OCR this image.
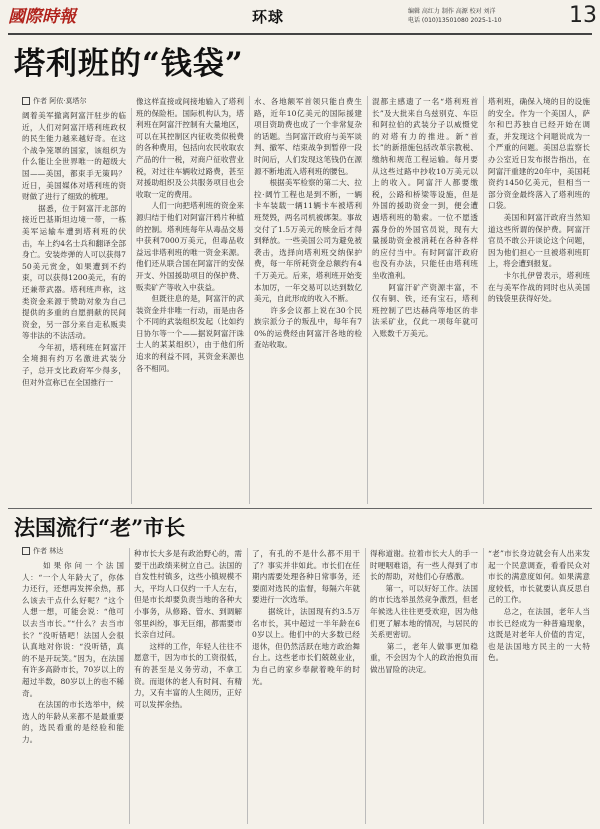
國際時報	环球	编辑 高红力 制作 高源 校对 刘洋
电话 (010)13501080 2025-1-10	13
塔利班的“钱袋”
作者 阿依·莫塔尔
阔着美军撤离阿富汗驻步的临近，人们对阿富汗塔利班政权的民生能力越来越好奇。在这个战争笼罩的国家，该组织为什么能让全世界唯一的超级大国——美国，都束手无策吗？近日，美国媒体对塔利班的资财做了进行了细致的梳理。
　　据悉，位于阿富汗北部的接近巴基斯坦边境一带，一栋美军运输车遭到塔利班的伏击，车上约4名士兵和翻译全部身亡。安装炸弹的人可以获得750美元赏金，如果遭到不约束，可以获得1200美元，有的还兼带武器。塔利班声称，这类资金来源于赞助对象为自己提供的多重的自愿捐献的民间资金，另一部分来自走私贩卖等非法的不法活动。
　　今年初，塔利班在阿富汗全境拥有约万名激进武装分子，总开支比政府军少得多，但对外宣称已在全国推行一
像这样直接或间接地输入了塔利班的保险柜。国际机构认为，塔利班在阿富汗控制有大量地区，可以在其控制区内征收类似税费的各种费用，包括向农民收取农产品的什一税，对商户征收营业税，对过往车辆收过路费，甚至对援助组织及公共服务项目也会收取一定的费用。
　　人们一向把塔利班的资金来源归结于他们对阿富汗鸦片种植的控制。塔利班每年从毒品交易中获利7000万美元，但毒品收益远非塔利班的唯一资金来源。他们还从联合国在阿富汗的安保开支、外国援助项目的保护费、贩卖矿产等收入中获益。
　　但既往息的是，阿富汗的武装资金并非唯一行动，而是由各个不同的武装组织发起（比如约日协尔等一个——据说阿富汗诛士人的某某组织），由于他们所追求的利益不同，其资金来源也各不相同。
水、各地额军首领只能自费生路，近年10亿美元的国际援建项目资助费也成了一个非常复杂的话题。当阿富汗政府与美军谈判、撤军、结束战争到暂停一段时间后，人们发现这笔钱仍在源源不断地流入塔利班的腰包。
　　根据美军检察的第二大、拉拉·阔竹工程也是到不断，一辆卡车装载一辆11辆卡车被塔利班焚毁，两名司机被绑架。事故交付了1.5万美元的赎金后才得到释放。一些美国公司为避免被袭击，选择向塔利班交纳保护费，每一年所耗资金总额约有4千万美元。后来，塔利班开始变本加厉，一年交易可以达到数亿美元，自此形成的收入不断。
　　许多会议都上说在30个民族宗派分子的叛乱中，每年有70%的运费经由阿富汗各地的检查站收取。
混都主感遗了一名“塔利班首长”及大批来自乌兹别克、车臣和阿拉伯的武装分子以威慑党的对塔有力的推进。新“首长”的新措施包括改革宗教税、缴纳和规范工程运输。每月要从这些过路中抄收10万美元以上的收入。阿富汗人都要缴税，公路和桥梁等设施，但是外国的援助资金一到，便会遭遇塔利班的勒索。一位不愿透露身份的外国官员说，现有大量援助资金被消耗在各种各样的应付当中。有时阿富汗政府也没有办法，只能任由塔利班坐收渔利。
　　阿富汗矿产资源丰富，不仅有铜、铁，还有宝石，塔利班控制了巴达赫尚等地区的非法采矿业，仅此一项每年就可入账数千万美元。
塔利班，确保入境的目的设施的安全。作为一个美国人，萨尔和巴苏独自已经开始在调查，并发现这个问题说成为一个严重的问题。美国总监察长办公室近日发布报告指出，在阿富汗重建的20年中，美国耗资约1450亿美元，但相当一部分资金最终落入了塔利班的口袋。
　　美国和阿富汗政府当然知道这些所谓的保护费。阿富汗官员不敢公开谈论这个问题，因为他们担心一旦被塔利班盯上，将会遭到报复。
　　卡尔扎伊曾表示，塔利班在与美军作战的同时也从美国的钱袋里获得好处。
法国流行“老”市长
作者 林达
　　如果你问一个法国人：“一个人年龄大了，你体力还行，还想再发挥余热，那么该去干点什么好呢？”这个人想一想，可能会说：“他可以去当市长。”“什么？去当市长？”没听错吧！法国人会很认真地对你说：“没听错，真的不是开玩笑。”因为，在法国有许多高龄市长，70岁以上的超过半数，80岁以上的也不稀奇。
　　在法国的市长选举中，候选人的年龄从来都不是最重要的，选民看重的是经验和能力。
种市长大多是有政治野心的，需要干出政绩来树立自己。法国的自发性村镇多，这些小镇规模不大，平均人口仅约一千人左右，但是市长却要负责当地的各种大小事务，从修路、管水、到调解邻里纠纷，事无巨细，都需要市长亲自过问。
　　这样的工作，年轻人往往不愿意干，因为市长的工资很低，有的甚至是义务劳动，不拿工资。而退休的老人有时间、有精力，又有丰富的人生阅历，正好可以发挥余热。
了，有孔的不是什么都不用干了？事实并非如此。市长们在任期内需要处理各种日常事务，还要面对选民的监督，每隔六年就要进行一次选举。
　　据统计，法国现有约3.5万名市长，其中超过一半年龄在60岁以上。他们中的大多数已经退休，但仍然活跃在地方政治舞台上。这些老市长们兢兢业业，为自己的家乡奉献着晚年的时光。
得称道谢。拉着市长大人的手一时哽咽难语，有一些人得到了市长的帮助，对他们心存感激。
　　第一，可以好好工作。法国的市长选举虽然竞争激烈，但老年候选人往往更受欢迎，因为他们更了解本地的情况，与居民的关系更密切。
　　第二，老年人做事更加稳重，不会因为个人的政治抱负而做出冒险的决定。
“老”市长身边就会有人出来发起一个民意调查，看看民众对市长的满意度如何。如果满意度较低，市长就要认真反思自己的工作。
　　总之，在法国，老年人当市长已经成为一种普遍现象，这既是对老年人价值的肯定，也是法国地方民主的一大特色。
